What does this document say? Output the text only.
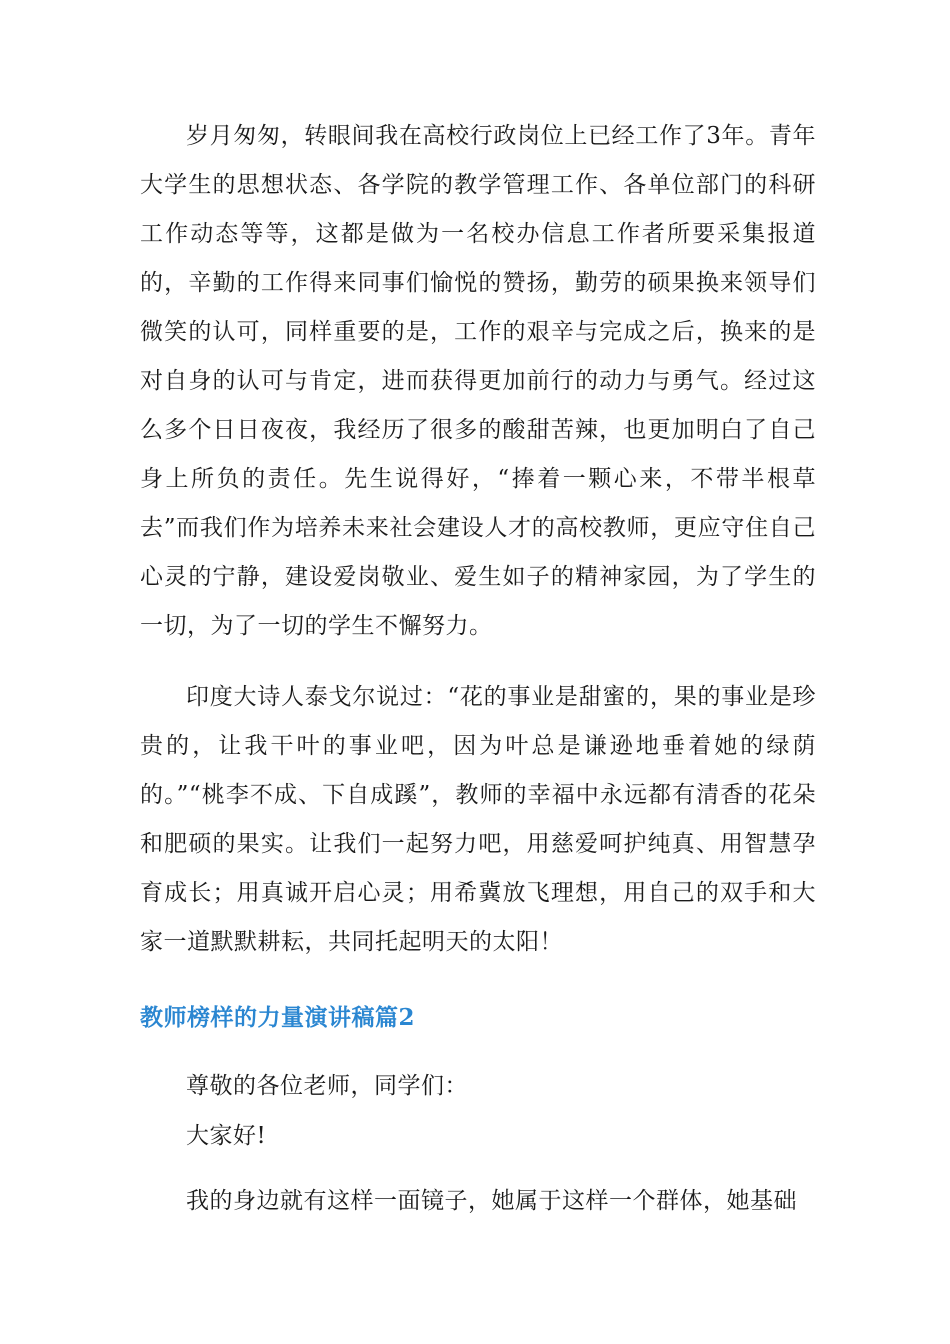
岁月匆匆，转眼间我在高校行政岗位上已经工作了3年。青年大学生的思想状态、各学院的教学管理工作、各单位部门的科研工作动态等等，这都是做为一名校办信息工作者所要采集报道的，辛勤的工作得来同事们愉悦的赞扬，勤劳的硕果换来领导们微笑的认可，同样重要的是，工作的艰辛与完成之后，换来的是对自身的认可与肯定，进而获得更加前行的动力与勇气。经过这么多个日日夜夜，我经历了很多的酸甜苦辣，也更加明白了自己身上所负的责任。先生说得好，“捧着一颗心来，不带半根草去”而我们作为培养未来社会建设人才的高校教师，更应守住自己心灵的宁静，建设爱岗敬业、爱生如子的精神家园，为了学生的一切，为了一切的学生不懈努力。

印度大诗人泰戈尔说过：“花的事业是甜蜜的，果的事业是珍贵的，让我干叶的事业吧，因为叶总是谦逊地垂着她的绿荫的。”“桃李不成、下自成蹊”，教师的幸福中永远都有清香的花朵和肥硕的果实。让我们一起努力吧，用慈爱呵护纯真、用智慧孕育成长；用真诚开启心灵；用希冀放飞理想，用自己的双手和大家一道默默耕耘，共同托起明天的太阳！

教师榜样的力量演讲稿篇2

尊敬的各位老师，同学们：

大家好!

我的身边就有这样一面镜子，她属于这样一个群体，她基础
